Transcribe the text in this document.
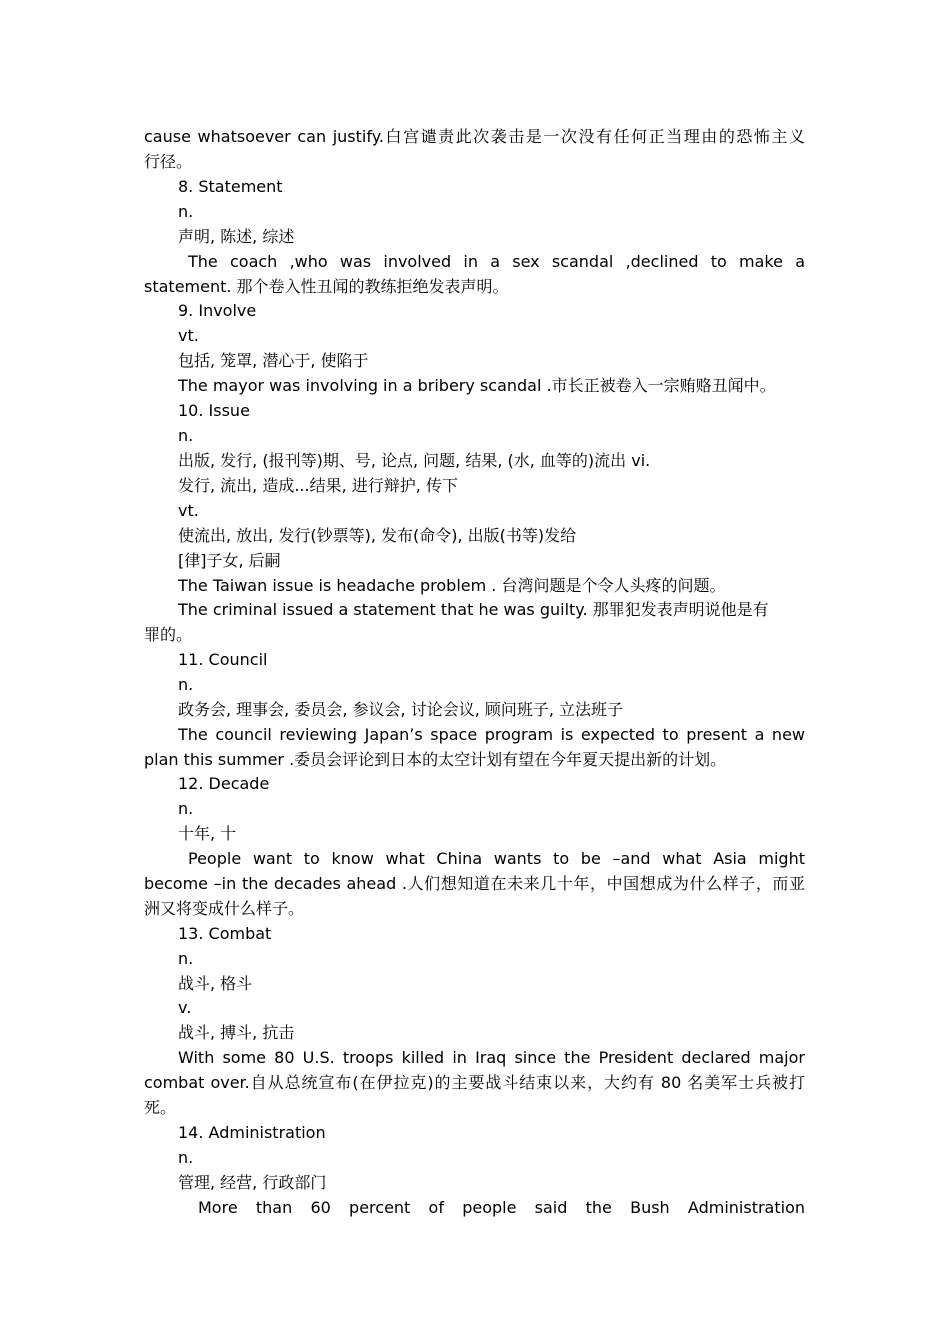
cause whatsoever can justify.白宫谴责此次袭击是一次没有任何正当理由的恐怖主义
行径。
8. Statement
n.
声明, 陈述, 综述
The coach ,who was involved in a sex scandal ,declined to make a
statement. 那个卷入性丑闻的教练拒绝发表声明。
9. Involve
vt.
包括, 笼罩, 潜心于, 使陷于
The mayor was involving in a bribery scandal .市长正被卷入一宗贿赂丑闻中。
10. Issue
n.
出版, 发行, (报刊等)期、号, 论点, 问题, 结果, (水, 血等的)流出 vi.
发行, 流出, 造成...结果, 进行辩护, 传下
vt.
使流出, 放出, 发行(钞票等), 发布(命令), 出版(书等)发给
[律]子女, 后嗣
The Taiwan issue is headache problem . 台湾问题是个令人头疼的问题。
The criminal issued a statement that he was guilty. 那罪犯发表声明说他是有
罪的。
11. Council
n.
政务会, 理事会, 委员会, 参议会, 讨论会议, 顾问班子, 立法班子
The council reviewing Japan’s space program is expected to present a new
plan this summer .委员会评论到日本的太空计划有望在今年夏天提出新的计划。
12. Decade
n.
十年, 十
People want to know what China wants to be –and what Asia might
become –in the decades ahead .人们想知道在未来几十年，中国想成为什么样子，而亚
洲又将变成什么样子。
13. Combat
n.
战斗, 格斗
v.
战斗, 搏斗, 抗击
With some 80 U.S. troops killed in Iraq since the President declared major
combat over.自从总统宣布(在伊拉克)的主要战斗结束以来，大约有 80 名美军士兵被打
死。
14. Administration
n.
管理, 经营, 行政部门
More than 60 percent of people said the Bush Administration
